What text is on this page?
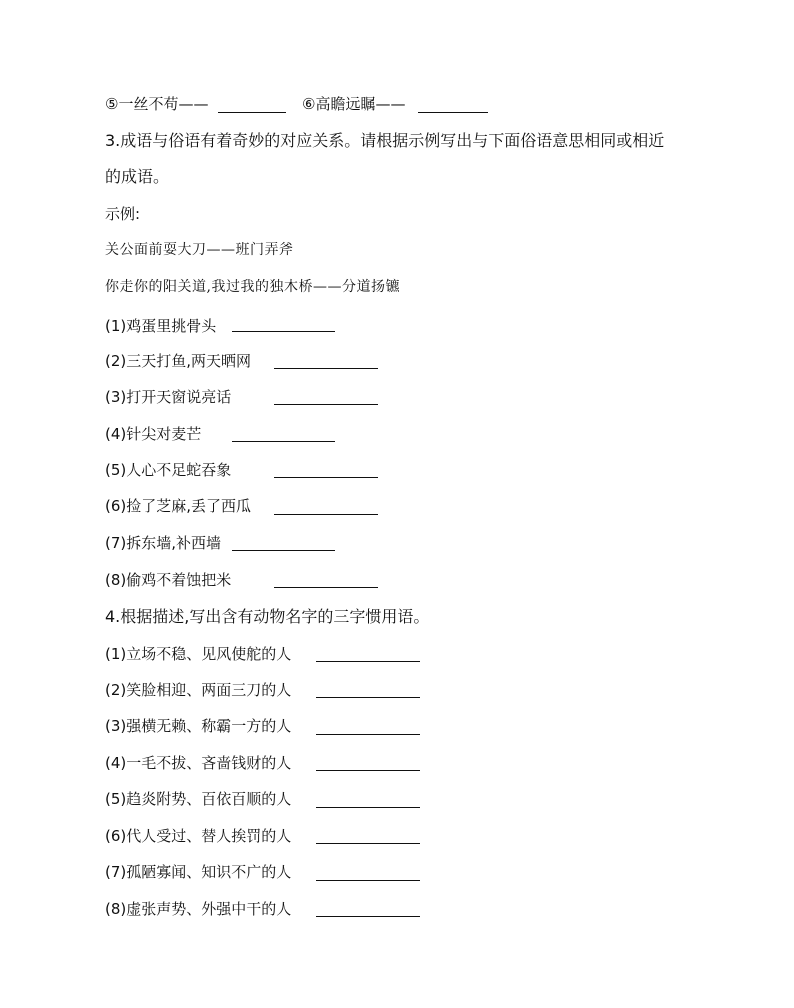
⑤一丝不苟——	⑥高瞻远瞩——
3.成语与俗语有着奇妙的对应关系。请根据示例写出与下面俗语意思相同或相近
的成语。
示例:
关公面前耍大刀——班门弄斧
你走你的阳关道,我过我的独木桥——分道扬镳
(1)鸡蛋里挑骨头
(2)三天打鱼,两天晒网
(3)打开天窗说亮话
(4)针尖对麦芒
(5)人心不足蛇吞象
(6)捡了芝麻,丢了西瓜
(7)拆东墙,补西墙
(8)偷鸡不着蚀把米
4.根据描述,写出含有动物名字的三字惯用语。
(1)立场不稳、见风使舵的人
(2)笑脸相迎、两面三刀的人
(3)强横无赖、称霸一方的人
(4)一毛不拔、吝啬钱财的人
(5)趋炎附势、百依百顺的人
(6)代人受过、替人挨罚的人
(7)孤陋寡闻、知识不广的人
(8)虚张声势、外强中干的人
